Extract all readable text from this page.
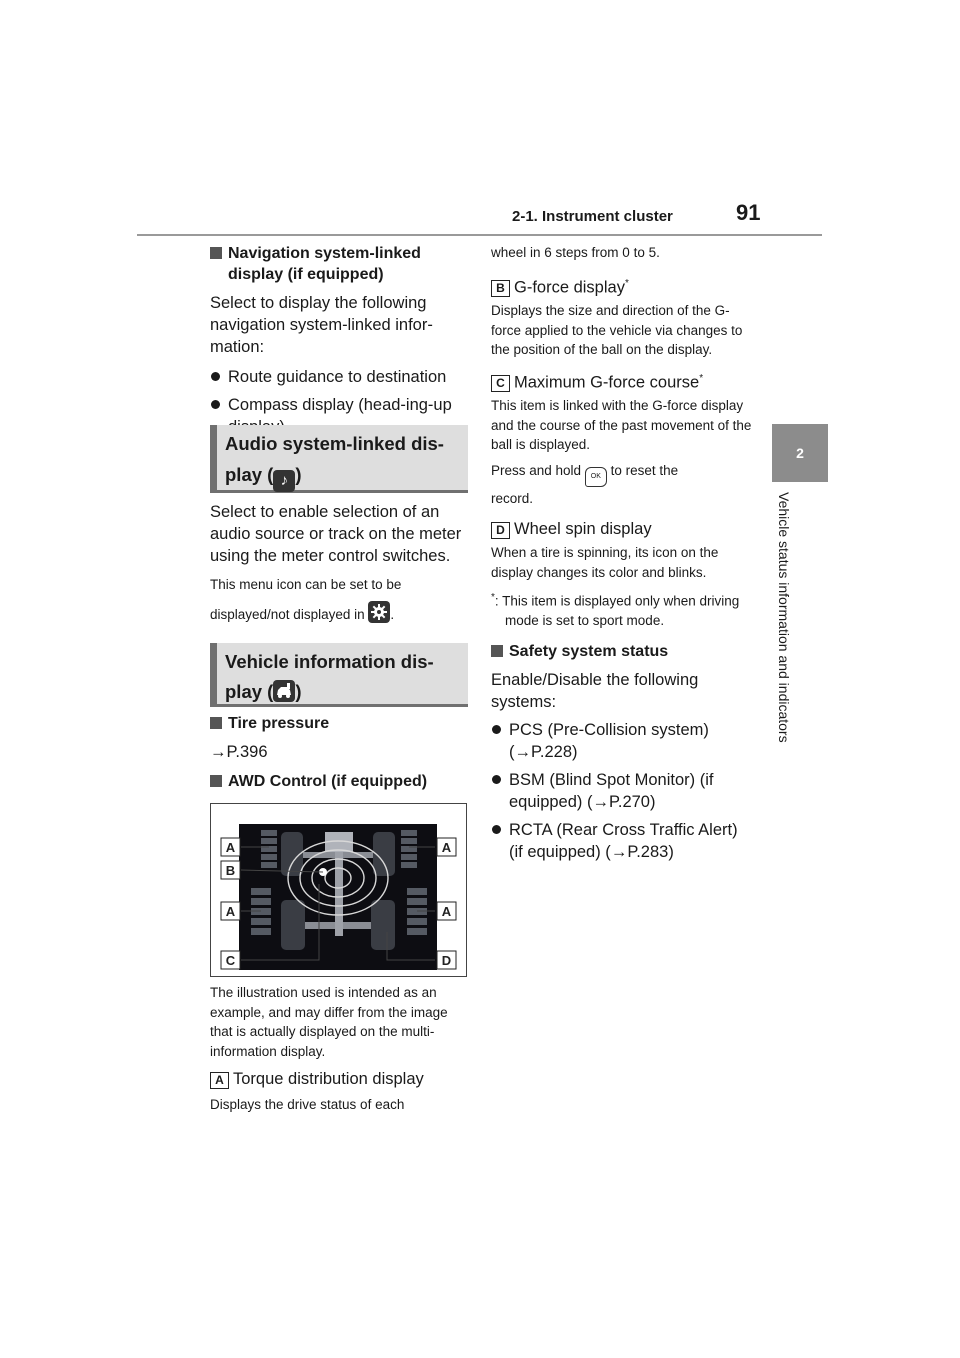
2-1. Instrument cluster	91
2
Vehicle status information and indicators
Navigation system-linked display (if equipped)
Select to display the following navigation system-linked infor-mation:
Route guidance to destination
Compass display (head-ing-up
Audio system-linked dis-
play ( ♪ )
Select to enable selection of an audio source or track on the meter using the meter control switches.
This menu icon can be set to be
displayed/not displayed in .
Vehicle information dis-
play ( )
Tire pressure
→P.396
AWD Control (if equipped)
A	A
B
A	A
C	D
The illustration used is intended as an example, and may differ from the image that is actually displayed on the multi-information display.
A Torque distribution display
Displays the drive status of each
wheel in 6 steps from 0 to 5.
B G-force display*
Displays the size and direction of the G-force applied to the vehicle via changes to the position of the ball on the display.
C Maximum G-force course*
This item is linked with the G-force display and the course of the past movement of the ball is displayed.
Press and hold OK to reset the
record.
D Wheel spin display
When a tire is spinning, its icon on the display changes its color and blinks.
*: This item is displayed only when driving mode is set to sport mode.
Safety system status
Enable/Disable the following systems:
PCS (Pre-Collision system) (→P.228)
BSM (Blind Spot Monitor) (if equipped) (→P.270)
RCTA (Rear Cross Traffic Alert) (if equipped) (→P.283)
